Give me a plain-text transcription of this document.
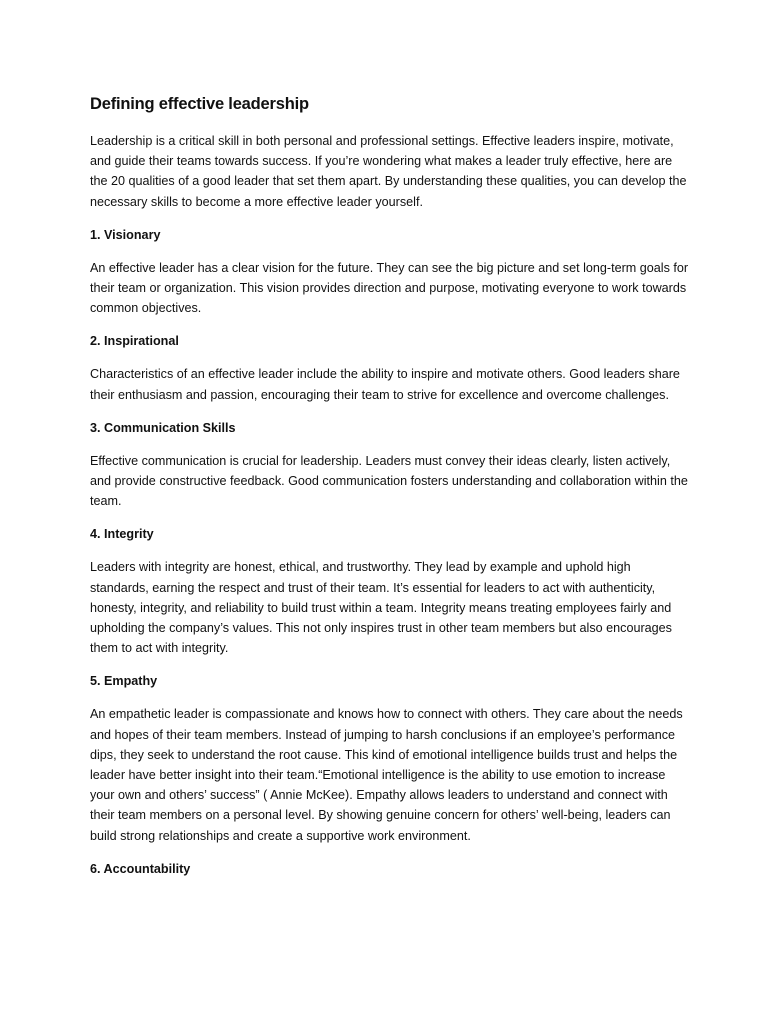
Defining effective leadership

Leadership is a critical skill in both personal and professional settings. Effective leaders inspire, motivate, and guide their teams towards success. If you’re wondering what makes a leader truly effective, here are the 20 qualities of a good leader that set them apart. By understanding these qualities, you can develop the necessary skills to become a more effective leader yourself.

1. Visionary

An effective leader has a clear vision for the future. They can see the big picture and set long-term goals for their team or organization. This vision provides direction and purpose, motivating everyone to work towards common objectives.

2. Inspirational

Characteristics of an effective leader include the ability to inspire and motivate others. Good leaders share their enthusiasm and passion, encouraging their team to strive for excellence and overcome challenges.

3. Communication Skills

Effective communication is crucial for leadership. Leaders must convey their ideas clearly, listen actively, and provide constructive feedback. Good communication fosters understanding and collaboration within the team.

4. Integrity

Leaders with integrity are honest, ethical, and trustworthy. They lead by example and uphold high standards, earning the respect and trust of their team. It’s essential for leaders to act with authenticity, honesty, integrity, and reliability to build trust within a team. Integrity means treating employees fairly and upholding the company’s values. This not only inspires trust in other team members but also encourages them to act with integrity.

5. Empathy

An empathetic leader is compassionate and knows how to connect with others. They care about the needs and hopes of their team members. Instead of jumping to harsh conclusions if an employee’s performance dips, they seek to understand the root cause. This kind of emotional intelligence builds trust and helps the leader have better insight into their team.“Emotional intelligence is the ability to use emotion to increase your own and others’ success” ( Annie McKee). Empathy allows leaders to understand and connect with their team members on a personal level. By showing genuine concern for others’ well-being, leaders can build strong relationships and create a supportive work environment.

6. Accountability
